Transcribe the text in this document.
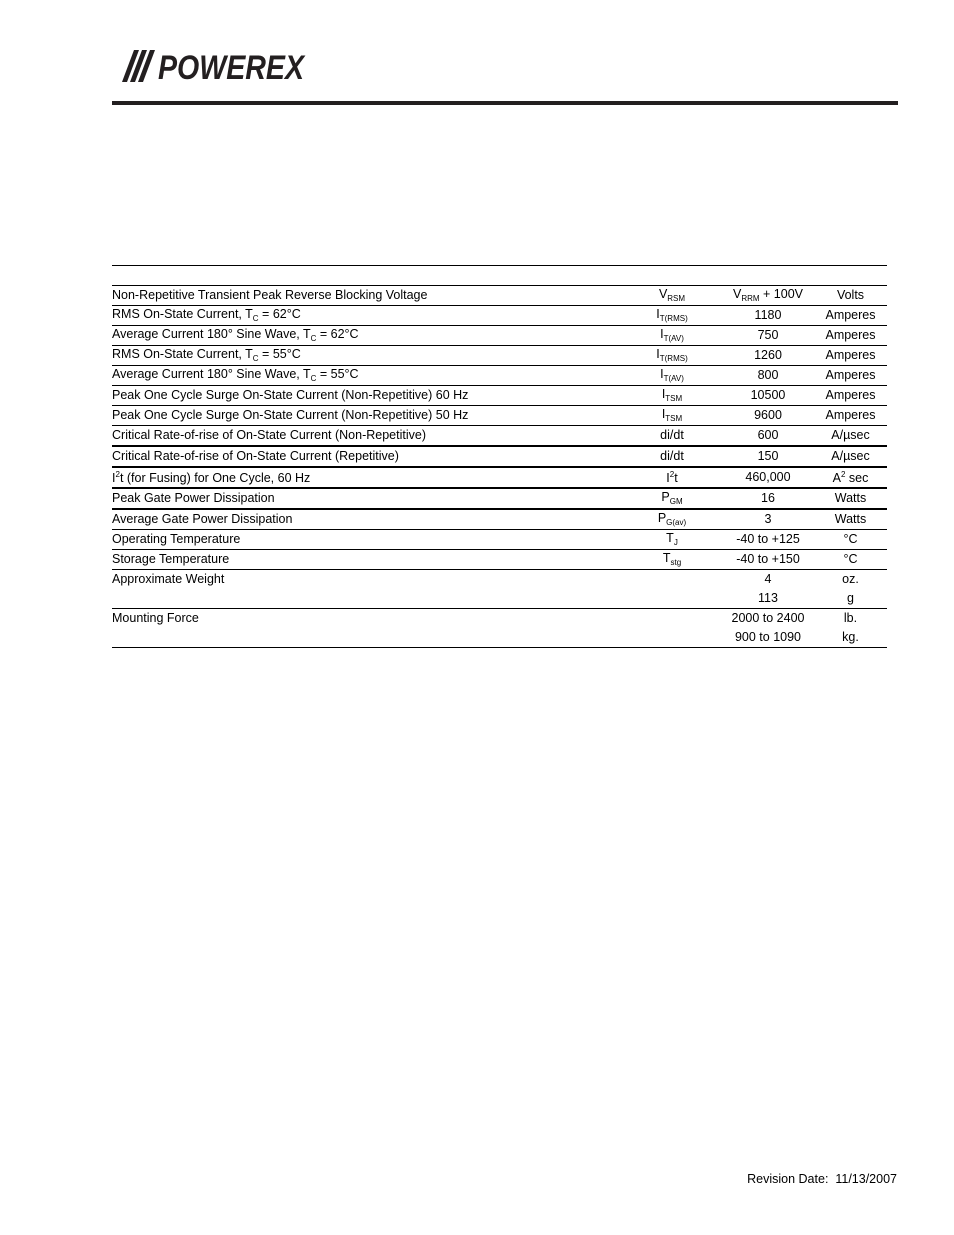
POWEREX

Non-Repetitive Transient Peak Reverse Blocking Voltage	$V_{RSM}$	$V_{RRM} + 100V$	Volts
RMS On-State Current, $T_C = 62^\circ C$	$I_{T(RMS)}$	1180	Amperes
Average Current 180° Sine Wave, $T_C = 62^\circ C$	$I_{T(AV)}$	750	Amperes
RMS On-State Current, $T_C = 55^\circ C$	$I_{T(RMS)}$	1260	Amperes
Average Current 180° Sine Wave, $T_C = 55^\circ C$	$I_{T(AV)}$	800	Amperes
Peak One Cycle Surge On-State Current (Non-Repetitive) 60 Hz	$I_{TSM}$	10500	Amperes
Peak One Cycle Surge On-State Current (Non-Repetitive) 50 Hz	$I_{TSM}$	9600	Amperes
Critical Rate-of-rise of On-State Current (Non-Repetitive)	di/dt	600	A/µsec
Critical Rate-of-rise of On-State Current (Repetitive)	di/dt	150	A/µsec
$I^2t$ (for Fusing) for One Cycle, 60 Hz	$I^2t$	460,000	$A^2$ sec
Peak Gate Power Dissipation	$P_{GM}$	16	Watts
Average Gate Power Dissipation	$P_{G(av)}$	3	Watts
Operating Temperature	$T_J$	-40 to +125	°C
Storage Temperature	$T_{stg}$	-40 to +150	°C
Approximate Weight		4	oz.
		113	g
Mounting Force		2000 to 2400	lb.
		900 to 1090	kg.
Revision Date:  11/13/2007
